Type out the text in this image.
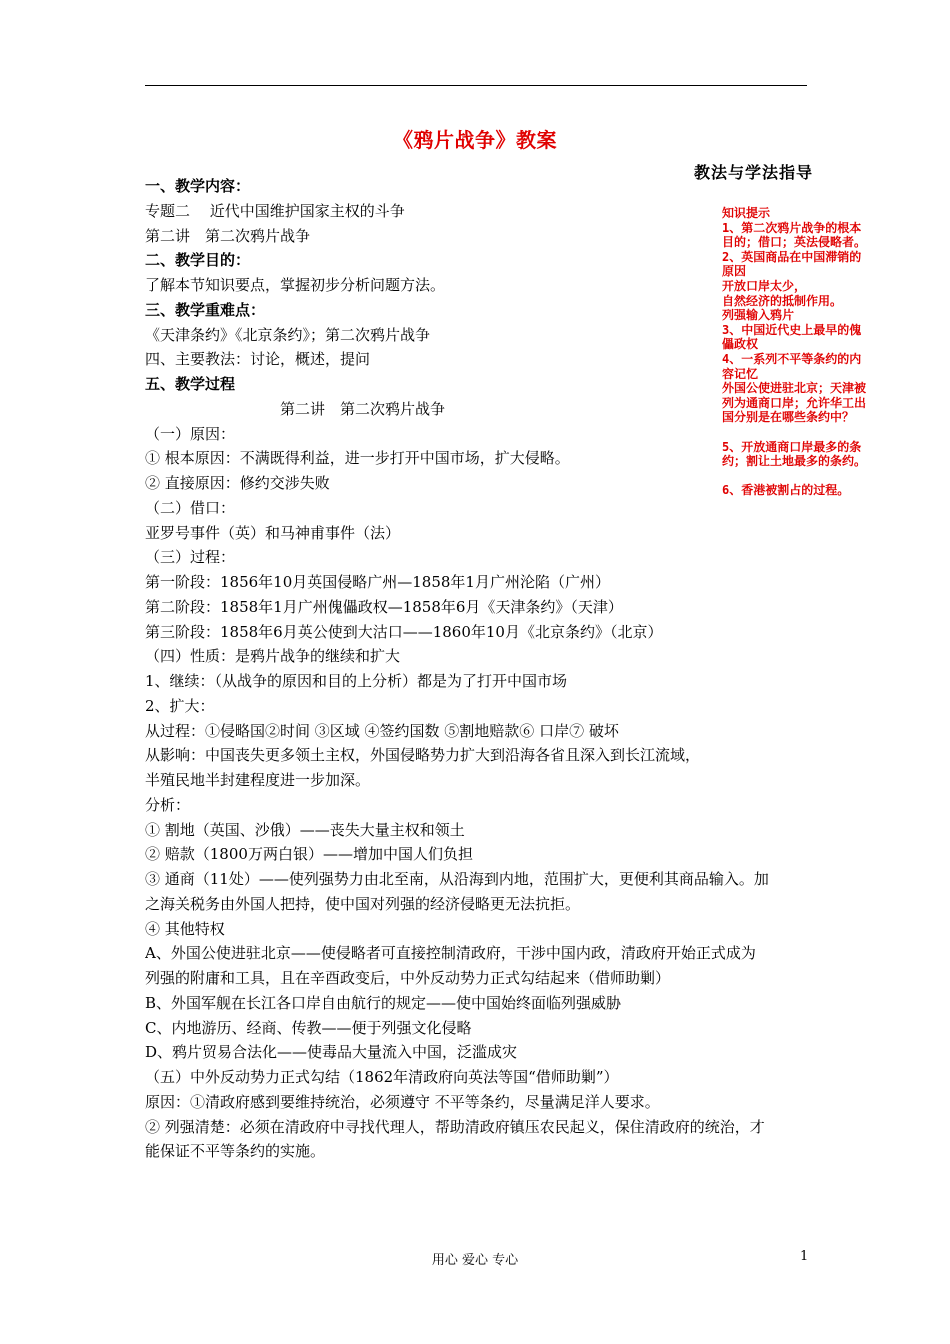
《鸦片战争》教案
教法与学法指导
知识提示
1、第二次鸦片战争的根本目的；借口；英法侵略者。
2、英国商品在中国滞销的原因
开放口岸太少，
自然经济的抵制作用。
列强输入鸦片
3、中国近代史上最早的傀儡政权
4、一系列不平等条约的内容记忆
外国公使进驻北京；天津被列为通商口岸；允许华工出国分别是在哪些条约中？
5、开放通商口岸最多的条约；割让土地最多的条约。
6、香港被割占的过程。
一、教学内容：
专题二　 近代中国维护国家主权的斗争
第二讲　第二次鸦片战争
二、教学目的：
了解本节知识要点，掌握初步分析问题方法。
三、教学重难点：
《天津条约》《北京条约》；第二次鸦片战争
四、主要教法：讨论，概述，提问
五、教学过程
第二讲　第二次鸦片战争
（一）原因：
① 根本原因：不满既得利益，进一步打开中国市场，扩大侵略。
② 直接原因：修约交涉失败
（二）借口：
亚罗号事件（英）和马神甫事件（法）
（三）过程：
第一阶段：1856年10月英国侵略广州—1858年1月广州沦陷（广州）
第二阶段：1858年1月广州傀儡政权—1858年6月《天津条约》（天津）
第三阶段：1858年6月英公使到大沽口——1860年10月《北京条约》（北京）
（四）性质：是鸦片战争的继续和扩大
1、继续：（从战争的原因和目的上分析）都是为了打开中国市场
2、扩大：
从过程：①侵略国②时间 ③区域 ④签约国数 ⑤割地赔款⑥ 口岸⑦ 破坏
从影响：中国丧失更多领土主权，外国侵略势力扩大到沿海各省且深入到长江流域，
半殖民地半封建程度进一步加深。
分析：
① 割地（英国、沙俄）——丧失大量主权和领土
② 赔款（1800万两白银）——增加中国人们负担
③ 通商（11处）——使列强势力由北至南，从沿海到内地，范围扩大，更便利其商品输入。加
之海关税务由外国人把持，使中国对列强的经济侵略更无法抗拒。
④ 其他特权
A、外国公使进驻北京——使侵略者可直接控制清政府，干涉中国内政，清政府开始正式成为
列强的附庸和工具，且在辛酉政变后，中外反动势力正式勾结起来（借师助剿）
B、外国军舰在长江各口岸自由航行的规定——使中国始终面临列强威胁
C、内地游历、经商、传教——便于列强文化侵略
D、鸦片贸易合法化——使毒品大量流入中国，泛滥成灾
（五）中外反动势力正式勾结（1862年清政府向英法等国“借师助剿”）
原因：①清政府感到要维持统治，必须遵守 不平等条约，尽量满足洋人要求。
② 列强清楚：必须在清政府中寻找代理人，帮助清政府镇压农民起义，保住清政府的统治，才
能保证不平等条约的实施。
用心 爱心 专心	1
